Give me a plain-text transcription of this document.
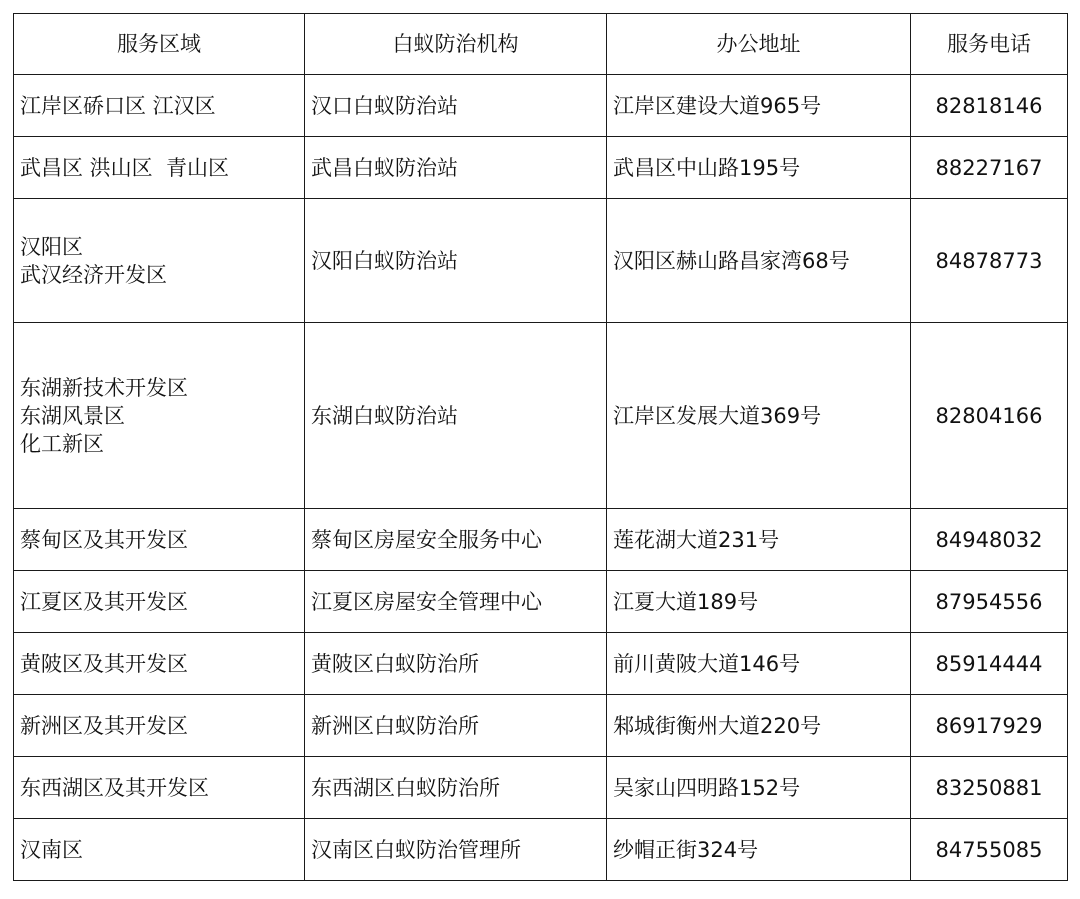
服务区域	白蚁防治机构	办公地址	服务电话

江岸区硚口区 江汉区	汉口白蚁防治站	江岸区建设大道965号	82818146

武昌区 洪山区  青山区	武昌白蚁防治站	武昌区中山路195号	88227167

汉阳区
武汉经济开发区	汉阳白蚁防治站	汉阳区赫山路昌家湾68号	84878773

东湖新技术开发区
东湖风景区
化工新区	东湖白蚁防治站	江岸区发展大道369号	82804166

蔡甸区及其开发区	蔡甸区房屋安全服务中心	莲花湖大道231号	84948032

江夏区及其开发区	江夏区房屋安全管理中心	江夏大道189号	87954556

黄陂区及其开发区	黄陂区白蚁防治所	前川黄陂大道146号	85914444

新洲区及其开发区	新洲区白蚁防治所	邾城街衡州大道220号	86917929

东西湖区及其开发区	东西湖区白蚁防治所	吴家山四明路152号	83250881

汉南区	汉南区白蚁防治管理所	纱帽正街324号	84755085
